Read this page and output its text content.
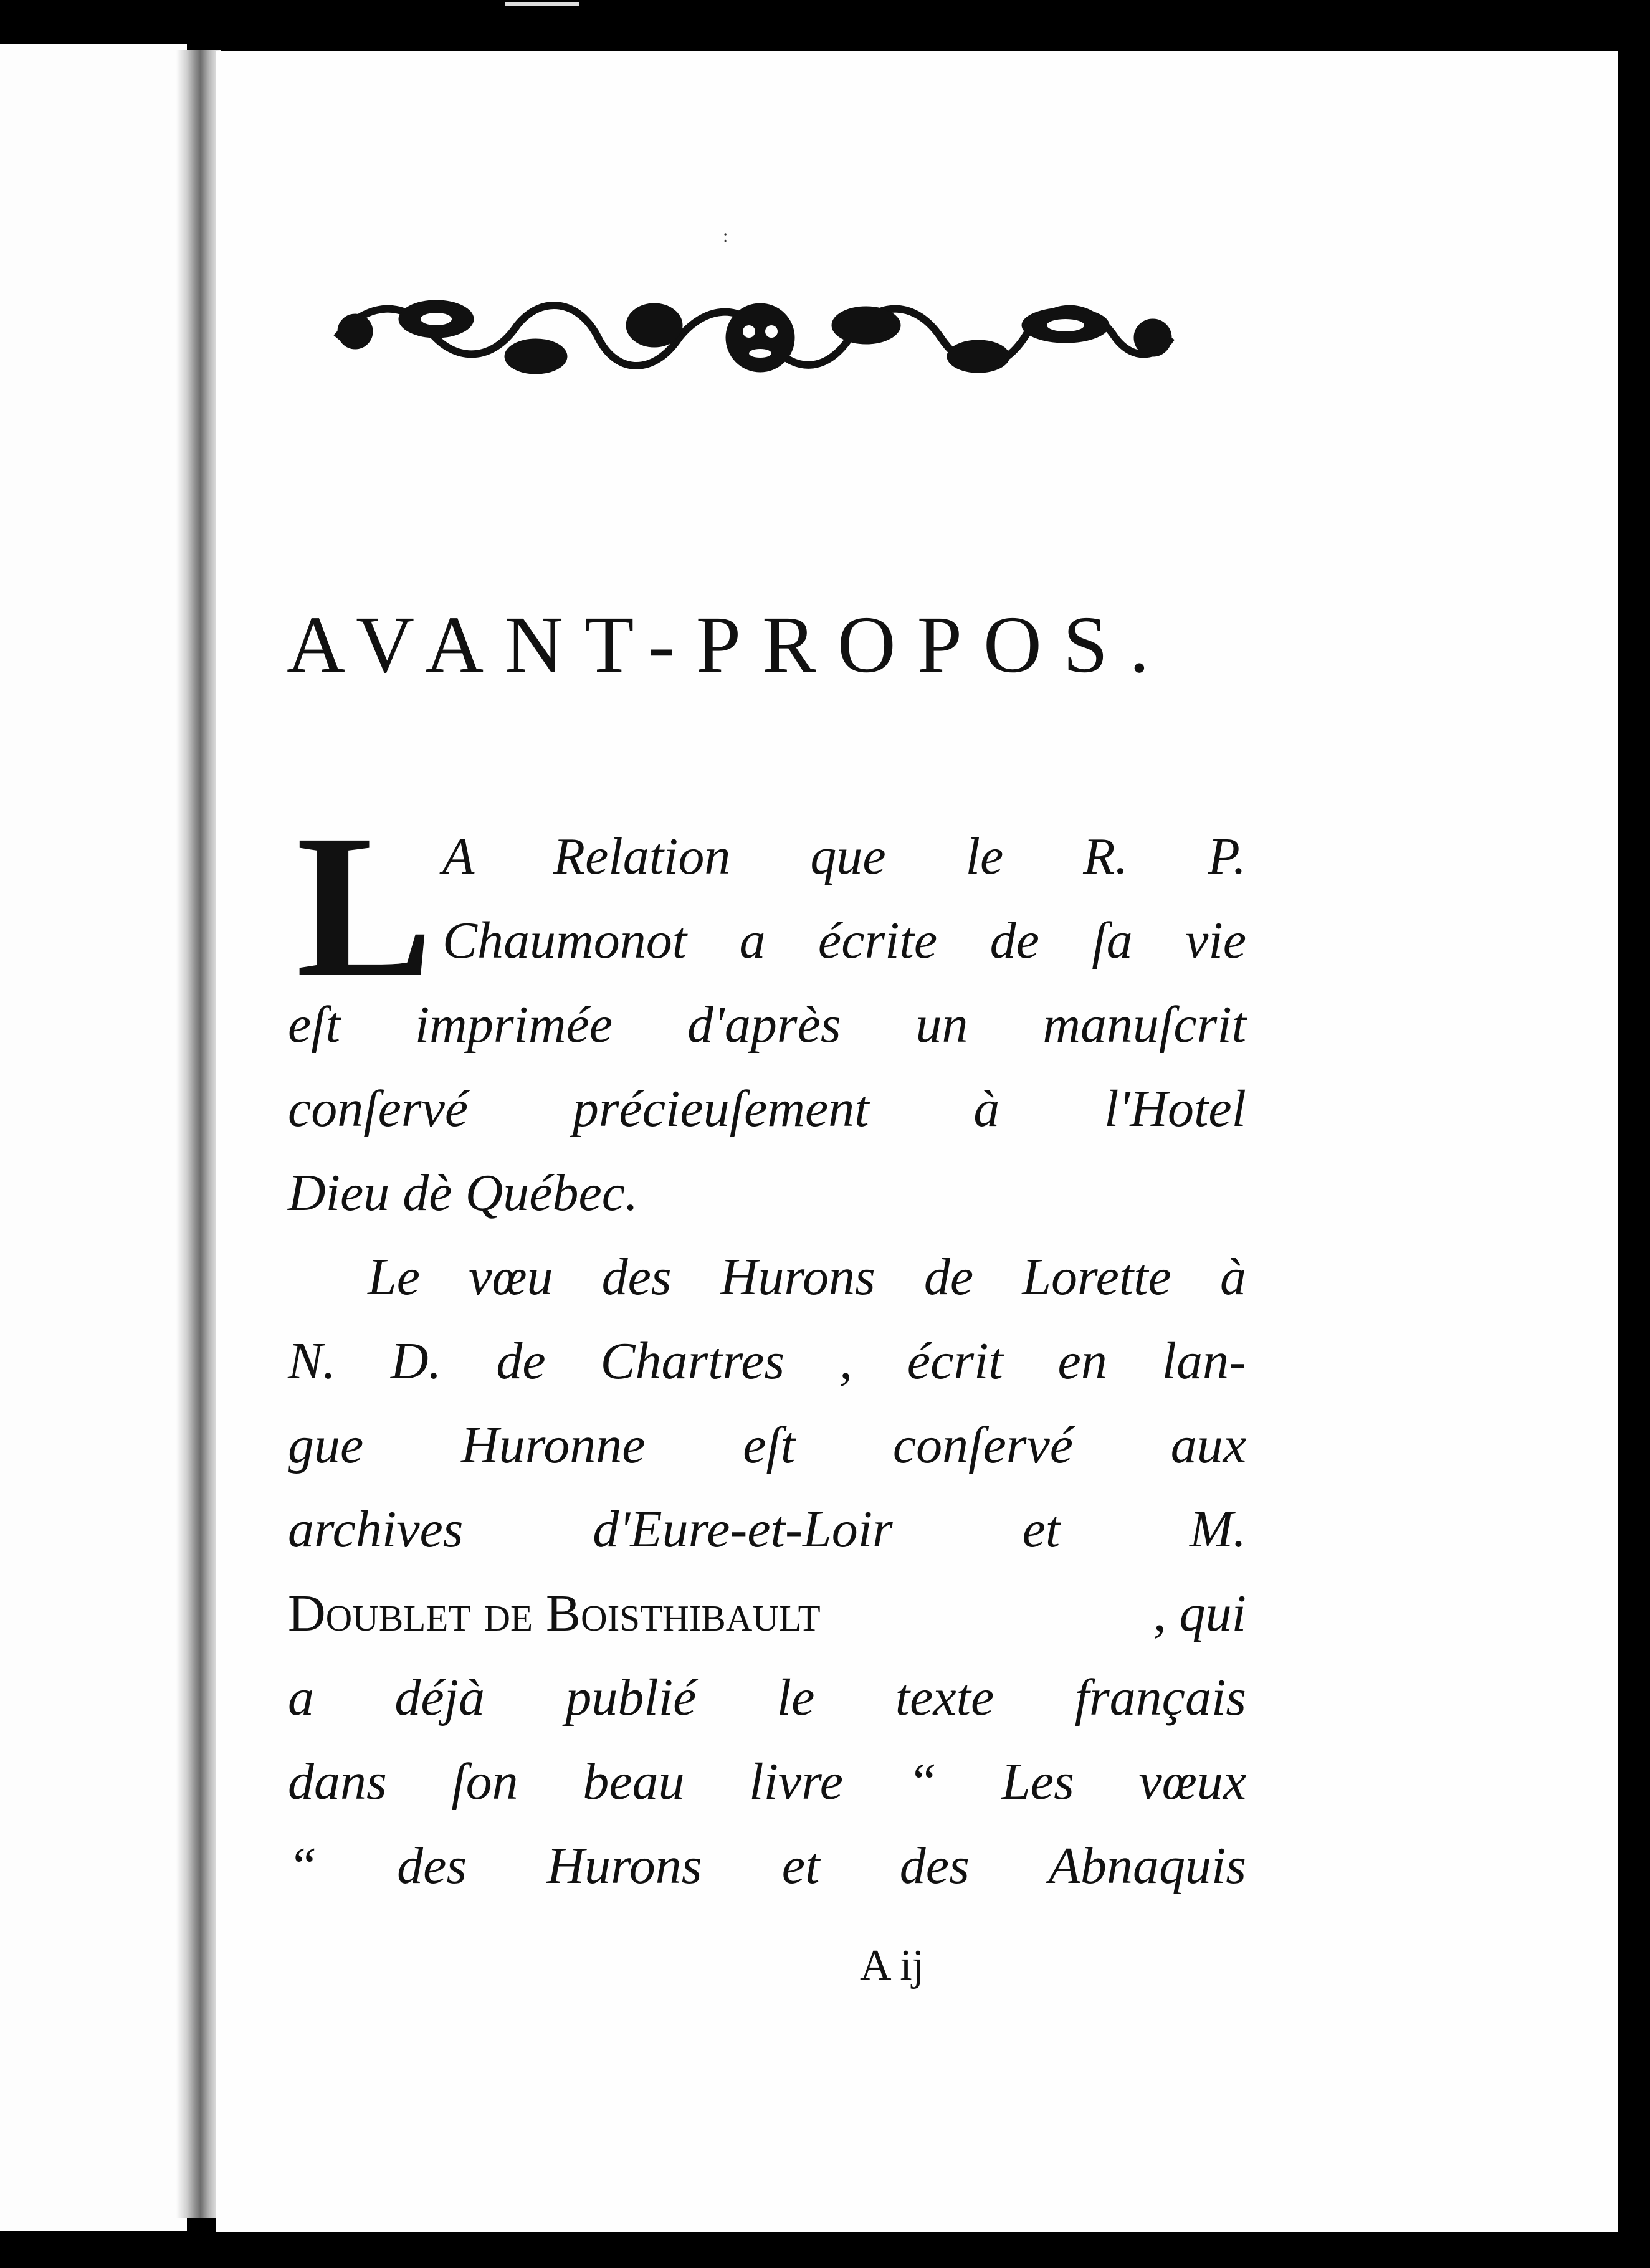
:
AVANT-PROPOS.
L A Relation que le R. P.
Chaumonot a écrite de ſa vie
eſt imprimée d'après un manuſcrit
conſervé précieuſement à l'Hotel
Dieu dè Québec.
Le vœu des Hurons de Lorette à
N. D. de Chartres , écrit en lan-
gue Huronne eſt conſervé aux
archives d'Eure-et-Loir et M.
Doublet de Boisthibault	, qui
a déjà publié le texte français
dans ſon beau livre “ Les vœux
“ des Hurons et des Abnaquis
A ij
